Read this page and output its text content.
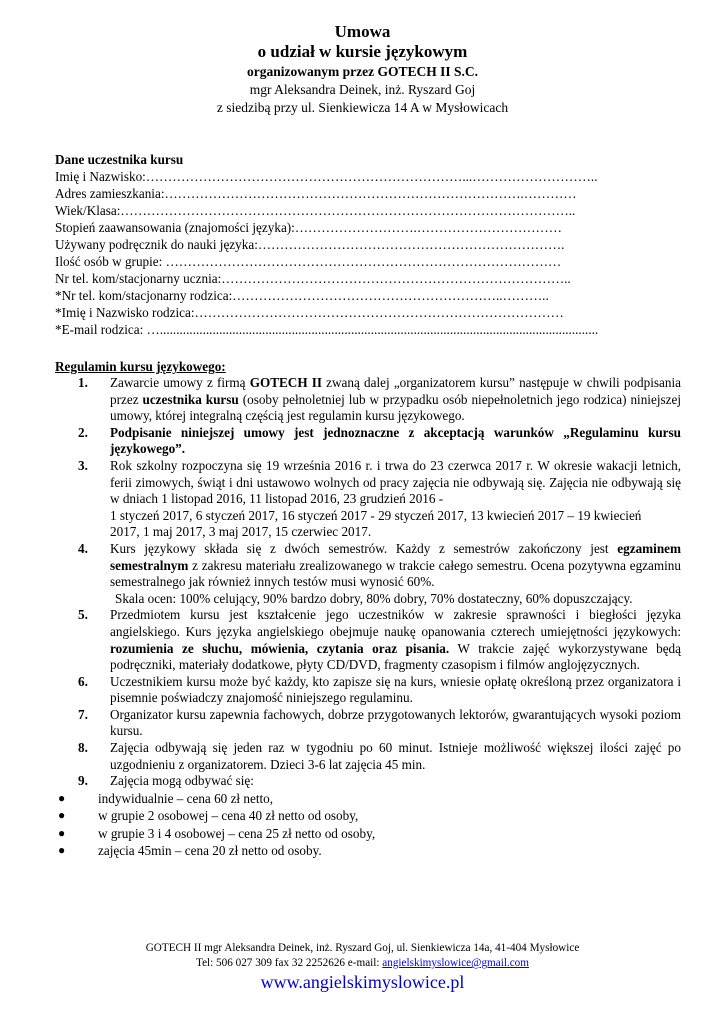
Umowa
o udział w kursie językowym
organizowanym przez GOTECH II S.C.
mgr Aleksandra Deinek, inż. Ryszard Goj
z siedzibą przy ul. Sienkiewicza 14 A w Mysłowicach
Dane uczestnika kursu
Imię i Nazwisko:………………………………………………………………...………………………..
Adres zamieszkania:……………………………………………………………………….…………
Wiek/Klasa:…………………………………………………………………………………………..
Stopień zaawansowania (znajomości języka):……………………….……………………………
Używany podręcznik do nauki języka:…………………………………………………………….
Ilość osób w grupie: ………………………………………………………………………………
Nr tel. kom/stacjonarny ucznia:……………………………………………………………………..
*Nr tel. kom/stacjonarny rodzica:……………………………………………………..………..
*Imię i Nazwisko rodzica:…………………………………………………………………………
*E-mail rodzica: ….....................................................................................................................................
Regulamin kursu językowego:
1. Zawarcie umowy z firmą GOTECH II zwaną dalej „organizatorem kursu” następuje w chwili podpisania przez uczestnika kursu (osoby pełnoletniej lub w przypadku osób niepełnoletnich jego rodzica) niniejszej umowy, której integralną częścią jest regulamin kursu językowego.

2. Podpisanie niniejszej umowy jest jednoznaczne z akceptacją warunków „Regulaminu kursu językowego”.

3. Rok szkolny rozpoczyna się 19 września 2016 r. i trwa do 23 czerwca 2017 r. W okresie wakacji letnich, ferii zimowych, świąt i dni ustawowo wolnych od pracy zajęcia nie odbywają się. Zajęcia nie odbywają się w dniach 1 listopad 2016, 11 listopad 2016, 23 grudzień 2016 -

1 styczeń 2017, 6 styczeń 2017, 16 styczeń 2017 - 29 styczeń 2017, 13 kwiecień 2017 – 19 kwiecień

2017, 1 maj 2017, 3 maj 2017, 15 czerwiec 2017.

4. Kurs językowy składa się z dwóch semestrów. Każdy z semestrów zakończony jest egzaminem semestralnym z zakresu materiału zrealizowanego w trakcie całego semestru. Ocena pozytywna egzaminu semestralnego jak również innych testów musi wynosić 60%.

Skala ocen: 100% celujący, 90% bardzo dobry, 80% dobry, 70% dostateczny, 60% dopuszczający.

5. Przedmiotem kursu jest kształcenie jego uczestników w zakresie sprawności i biegłości języka angielskiego. Kurs języka angielskiego obejmuje naukę opanowania czterech umiejętności językowych: rozumienia ze słuchu, mówienia, czytania oraz pisania. W trakcie zajęć wykorzystywane będą podręczniki, materiały dodatkowe, płyty CD/DVD, fragmenty czasopism i filmów anglojęzycznych.

6. Uczestnikiem kursu może być każdy, kto zapisze się na kurs, wniesie opłatę określoną przez organizatora i pisemnie poświadczy znajomość niniejszego regulaminu.

7. Organizator kursu zapewnia fachowych, dobrze przygotowanych lektorów, gwarantujących wysoki poziom kursu.

8. Zajęcia odbywają się jeden raz w tygodniu po 60 minut. Istnieje możliwość większej ilości zajęć po uzgodnieniu z organizatorem. Dzieci 3-6 lat zajęcia 45 min.

9. Zajęcia mogą odbywać się:

● indywidualnie – cena 60 zł netto,
● w grupie 2 osobowej – cena 40 zł netto od osoby,
● w grupie 3 i 4 osobowej – cena 25 zł netto od osoby,
● zajęcia 45min – cena 20 zł netto od osoby.
GOTECH II mgr Aleksandra Deinek, inż. Ryszard Goj, ul. Sienkiewicza 14a, 41-404 Mysłowice
Tel: 506 027 309 fax 32 2252626 e-mail: angielskimyslowice@gmail.com
www.angielskimyslowice.pl
